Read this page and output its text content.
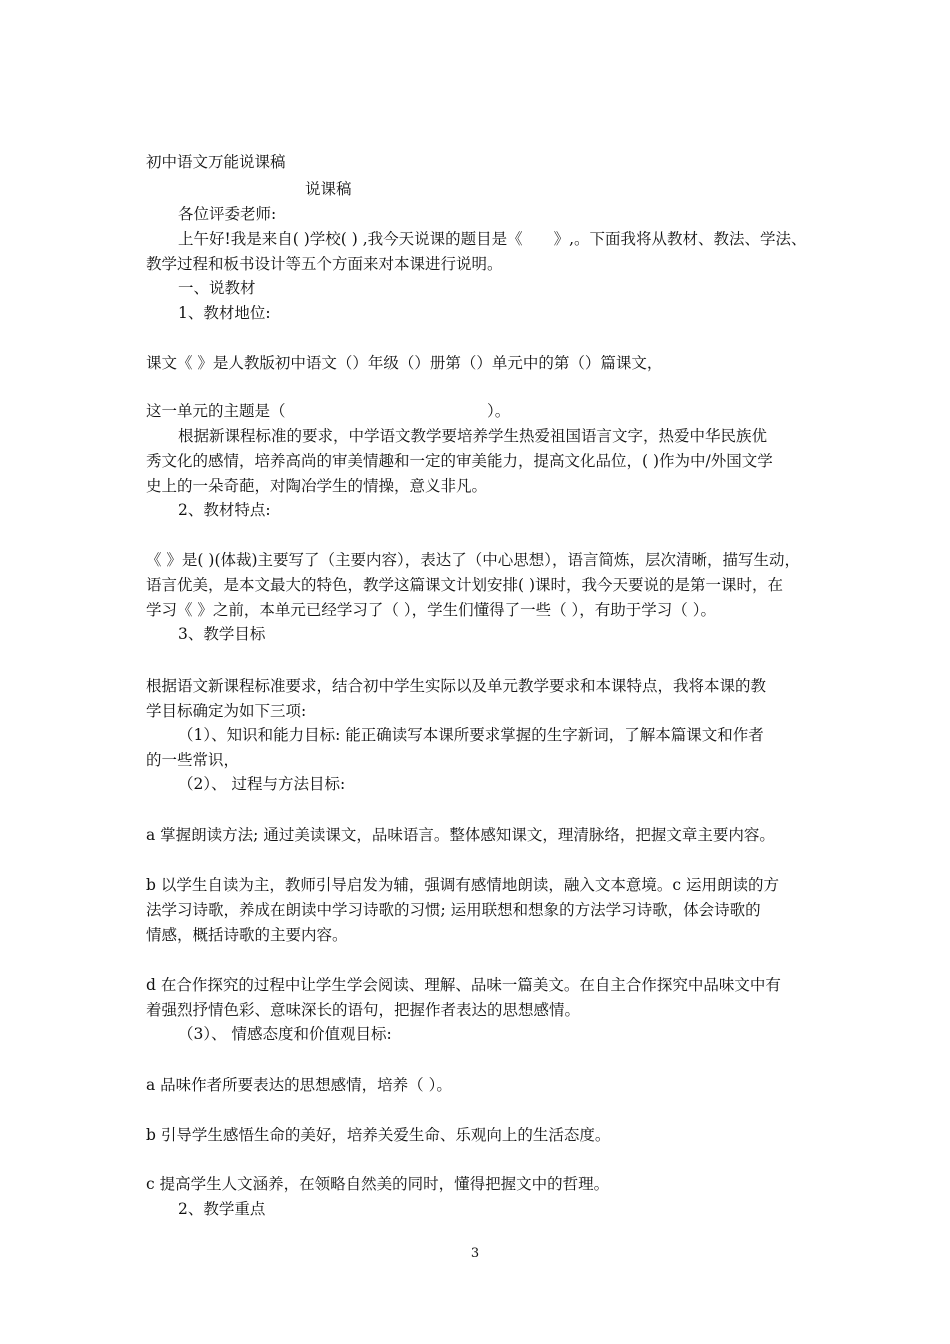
初中语文万能说课稿
说课稿
各位评委老师:
上午好!我是来自( )学校( ) ,我今天说课的题目是《　　》,。下面我将从教材、教法、学法、
教学过程和板书设计等五个方面来对本课进行说明。
一、说教材
1、教材地位:
课文《 》是人教版初中语文（）年级（）册第（）单元中的第（）篇课文，
这一单元的主题是（　　　　　　　　　　　　　）。
根据新课程标准的要求，中学语文教学要培养学生热爱祖国语言文字，热爱中华民族优
秀文化的感情，培养高尚的审美情趣和一定的审美能力，提高文化品位，( )作为中/外国文学
史上的一朵奇葩，对陶冶学生的情操，意义非凡。
2、教材特点:
《 》是( )(体裁)主要写了（主要内容），表达了（中心思想），语言简炼，层次清晰，描写生动，
语言优美，是本文最大的特色，教学这篇课文计划安排( )课时，我今天要说的是第一课时，在
学习《 》之前，本单元已经学习了（ ），学生们懂得了一些（ ），有助于学习（ ）。
3、教学目标
根据语文新课程标准要求，结合初中学生实际以及单元教学要求和本课特点，我将本课的教
学目标确定为如下三项:
（1）、知识和能力目标: 能正确读写本课所要求掌握的生字新词，了解本篇课文和作者
的一些常识，
（2）、 过程与方法目标:
a 掌握朗读方法; 通过美读课文，品味语言。整体感知课文，理清脉络，把握文章主要内容。
b 以学生自读为主，教师引导启发为辅，强调有感情地朗读，融入文本意境。c 运用朗读的方
法学习诗歌，养成在朗读中学习诗歌的习惯; 运用联想和想象的方法学习诗歌，体会诗歌的
情感，概括诗歌的主要内容。
d 在合作探究的过程中让学生学会阅读、理解、品味一篇美文。在自主合作探究中品味文中有
着强烈抒情色彩、意味深长的语句，把握作者表达的思想感情。
（3）、 情感态度和价值观目标:
a 品味作者所要表达的思想感情，培养（ ）。
b 引导学生感悟生命的美好，培养关爱生命、乐观向上的生活态度。
c 提高学生人文涵养，在领略自然美的同时，懂得把握文中的哲理。
2、教学重点
3
